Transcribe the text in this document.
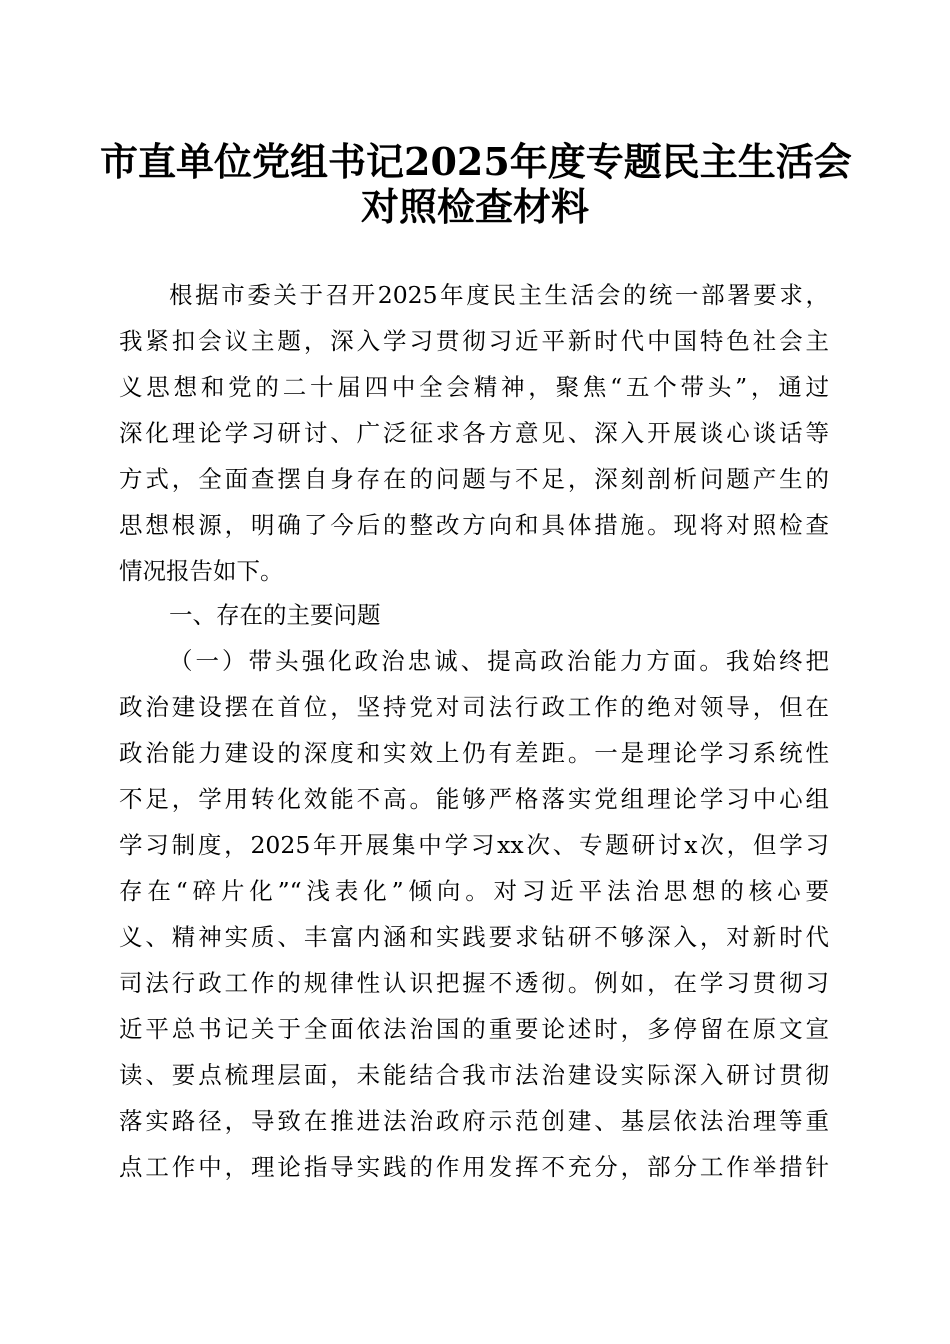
市直单位党组书记2025年度专题民主生活会
对照检查材料
根据市委关于召开2025年度民主生活会的统一部署要求，
我紧扣会议主题，深入学习贯彻习近平新时代中国特色社会主
义思想和党的二十届四中全会精神，聚焦“五个带头”，通过
深化理论学习研讨、广泛征求各方意见、深入开展谈心谈话等
方式，全面查摆自身存在的问题与不足，深刻剖析问题产生的
思想根源，明确了今后的整改方向和具体措施。现将对照检查
情况报告如下。
一、存在的主要问题
（一）带头强化政治忠诚、提高政治能力方面。我始终把
政治建设摆在首位，坚持党对司法行政工作的绝对领导，但在
政治能力建设的深度和实效上仍有差距。一是理论学习系统性
不足，学用转化效能不高。能够严格落实党组理论学习中心组
学习制度，2025年开展集中学习xx次、专题研讨x次，但学习
存在“碎片化”“浅表化”倾向。对习近平法治思想的核心要
义、精神实质、丰富内涵和实践要求钻研不够深入，对新时代
司法行政工作的规律性认识把握不透彻。例如，在学习贯彻习
近平总书记关于全面依法治国的重要论述时，多停留在原文宣
读、要点梳理层面，未能结合我市法治建设实际深入研讨贯彻
落实路径，导致在推进法治政府示范创建、基层依法治理等重
点工作中，理论指导实践的作用发挥不充分，部分工作举措针
